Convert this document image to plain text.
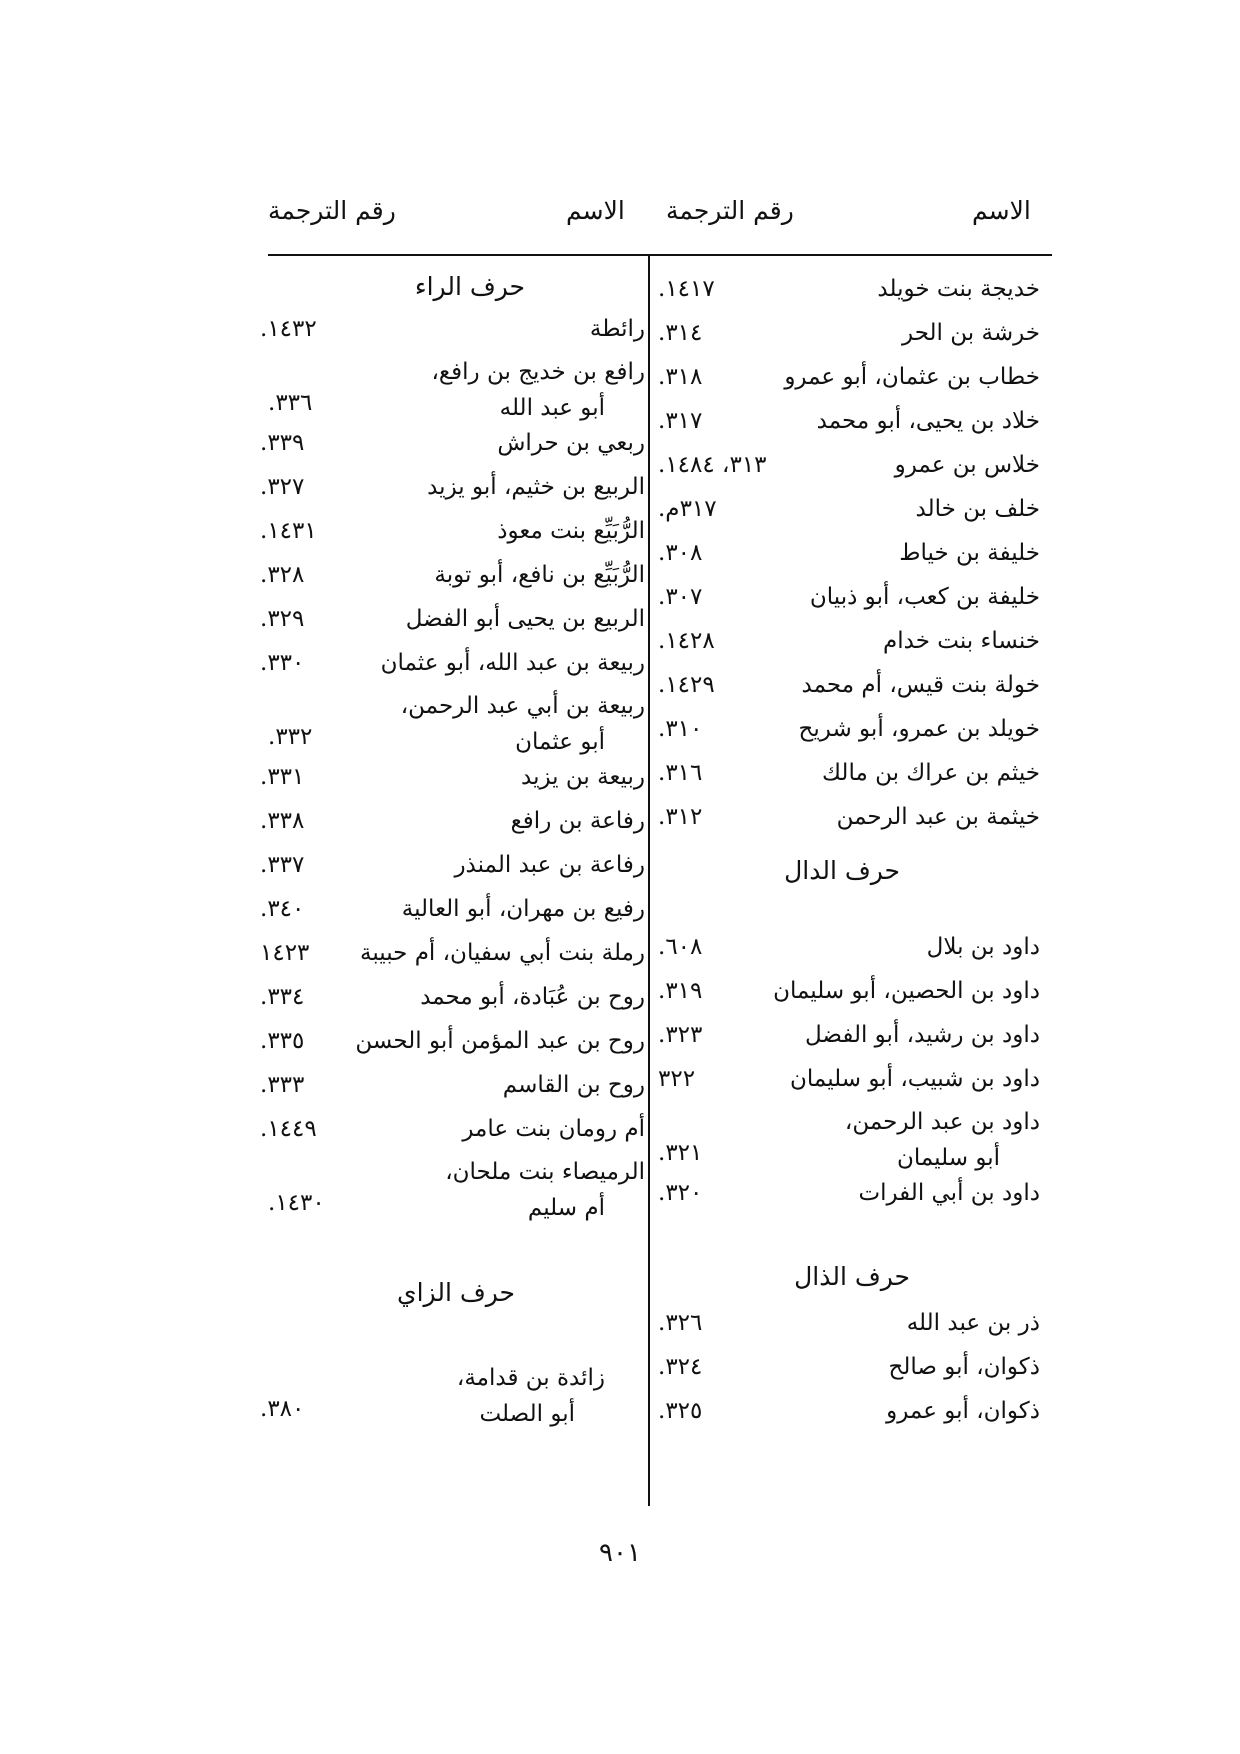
الاسم
رقم الترجمة
الاسم
رقم الترجمة
خديجة بنت خويلد
١٤١٧.
خرشة بن الحر
٣١٤.
خطاب بن عثمان، أبو عمرو
٣١٨.
خلاد بن يحيى، أبو محمد
٣١٧.
خلاس بن عمرو
٣١٣، ١٤٨٤.
خلف بن خالد
٣١٧م.
خليفة بن خياط
٣٠٨.
خليفة بن كعب، أبو ذبيان
٣٠٧.
خنساء بنت خدام
١٤٢٨.
خولة بنت قيس، أم محمد
١٤٢٩.
خويلد بن عمرو، أبو شريح
٣١٠.
خيثم بن عراك بن مالك
٣١٦.
خيثمة بن عبد الرحمن
٣١٢.
حرف الدال
داود بن بلال
٦٠٨.
داود بن الحصين، أبو سليمان
٣١٩.
داود بن رشيد، أبو الفضل
٣٢٣.
داود بن شبيب، أبو سليمان
٣٢٢
داود بن عبد الرحمن،
أبو سليمان
٣٢١.
داود بن أبي الفرات
٣٢٠.
حرف الذال
ذر بن عبد الله
٣٢٦.
ذكوان، أبو صالح
٣٢٤.
ذكوان، أبو عمرو
٣٢٥.
حرف الراء
رائطة
١٤٣٢.
رافع بن خديج بن رافع،
أبو عبد الله
٣٣٦.
ربعي بن حراش
٣٣٩.
الربيع بن خثيم، أبو يزيد
٣٢٧.
الرُّبَيِّع بنت معوذ
١٤٣١.
الرُّبَيِّع بن نافع، أبو توبة
٣٢٨.
الربيع بن يحيى أبو الفضل
٣٢٩.
ربيعة بن عبد الله، أبو عثمان
٣٣٠.
ربيعة بن أبي عبد الرحمن،
أبو عثمان
٣٣٢.
ربيعة بن يزيد
٣٣١.
رفاعة بن رافع
٣٣٨.
رفاعة بن عبد المنذر
٣٣٧.
رفيع بن مهران، أبو العالية
٣٤٠.
رملة بنت أبي سفيان، أم حبيبة
١٤٢٣
روح بن عُبَادة، أبو محمد
٣٣٤.
روح بن عبد المؤمن أبو الحسن
٣٣٥.
روح بن القاسم
٣٣٣.
أم رومان بنت عامر
١٤٤٩.
الرميصاء بنت ملحان،
أم سليم
١٤٣٠.
حرف الزاي
زائدة بن قدامة،
أبو الصلت
٣٨٠.
٩٠١
